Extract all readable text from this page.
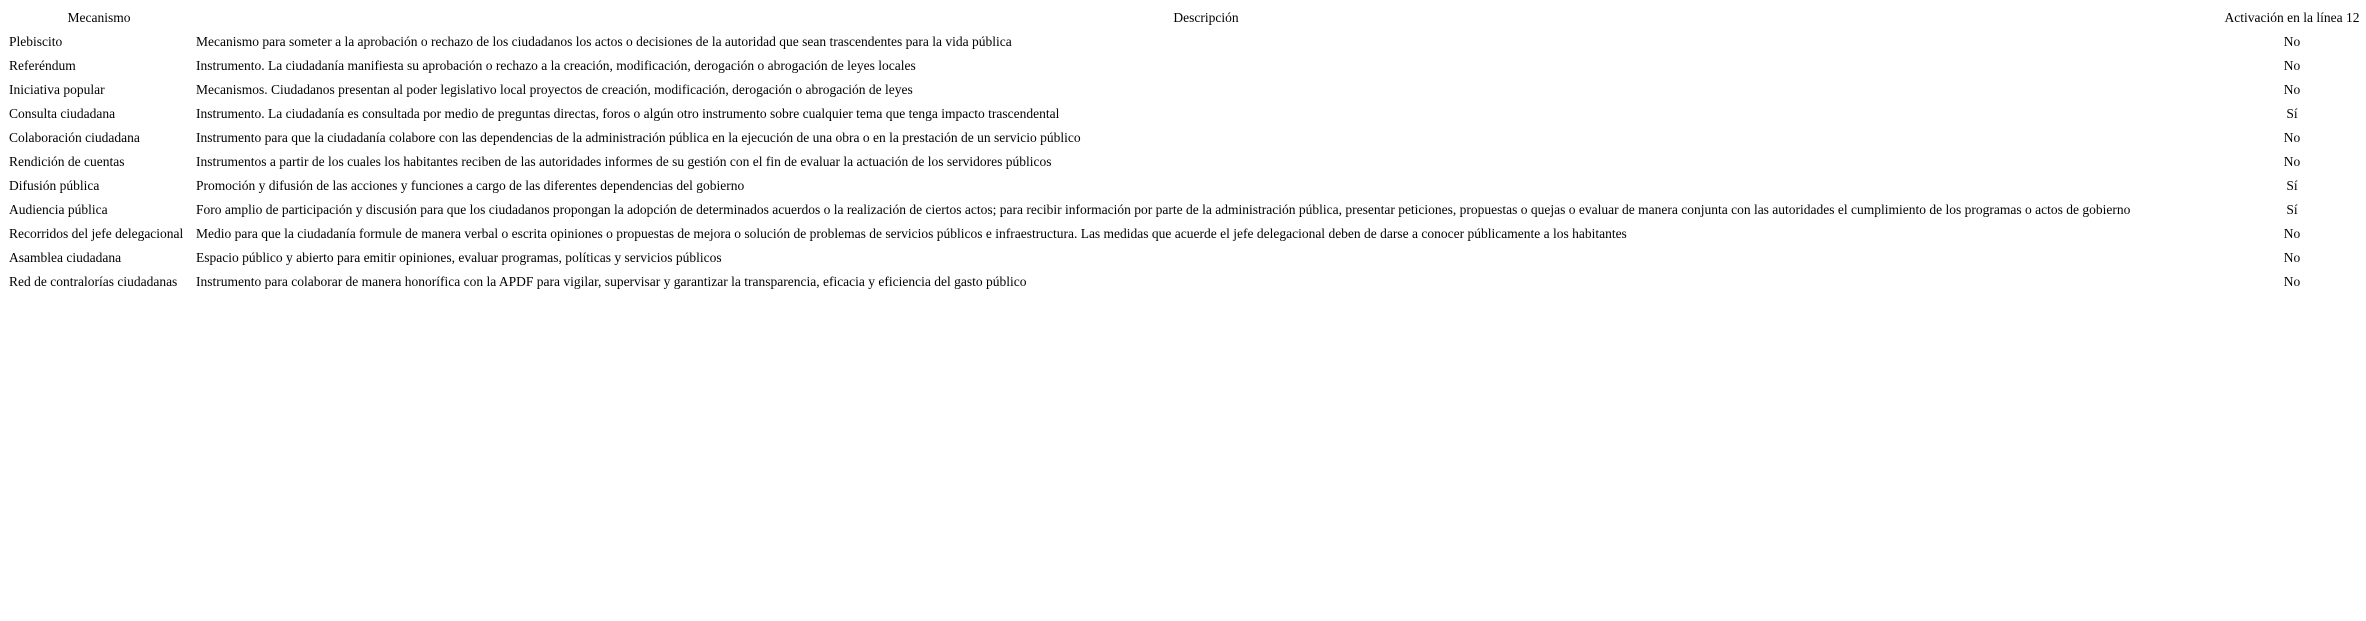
Mecanismo	Descripción	Activación en la línea 12
Plebiscito	Mecanismo para someter a la aprobación o rechazo de los ciudadanos los actos o decisiones de la autoridad que sean trascendentes para la vida pública	No
Referéndum	Instrumento. La ciudadanía manifiesta su aprobación o rechazo a la creación, modificación, derogación o abrogación de leyes locales	No
Iniciativa popular	Mecanismos. Ciudadanos presentan al poder legislativo local proyectos de creación, modificación, derogación o abrogación de leyes	No
Consulta ciudadana	Instrumento. La ciudadanía es consultada por medio de preguntas directas, foros o algún otro instrumento sobre cualquier tema que tenga impacto trascendental	Sí
Colaboración ciudadana	Instrumento para que la ciudadanía colabore con las dependencias de la administración pública en la ejecución de una obra o en la prestación de un servicio público	No
Rendición de cuentas	Instrumentos a partir de los cuales los habitantes reciben de las autoridades informes de su gestión con el fin de evaluar la actuación de los servidores públicos	No
Difusión pública	Promoción y difusión de las acciones y funciones a cargo de las diferentes dependencias del gobierno	Sí
Audiencia pública	Foro amplio de participación y discusión para que los ciudadanos propongan la adopción de determinados acuerdos o la realización de ciertos actos; para recibir información por parte de la administración pública, presentar peticiones, propuestas o quejas o evaluar de manera conjunta con las autoridades el cumplimiento de los programas o actos de gobierno	Sí
Recorridos del jefe delegacional	Medio para que la ciudadanía formule de manera verbal o escrita opiniones o propuestas de mejora o solución de problemas de servicios públicos e infraestructura. Las medidas que acuerde el jefe delegacional deben de darse a conocer públicamente a los habitantes	No
Asamblea ciudadana	Espacio público y abierto para emitir opiniones, evaluar programas, políticas y servicios públicos	No
Red de contralorías ciudadanas	Instrumento para colaborar de manera honorífica con la APDF para vigilar, supervisar y garantizar la transparencia, eficacia y eficiencia del gasto público	No
